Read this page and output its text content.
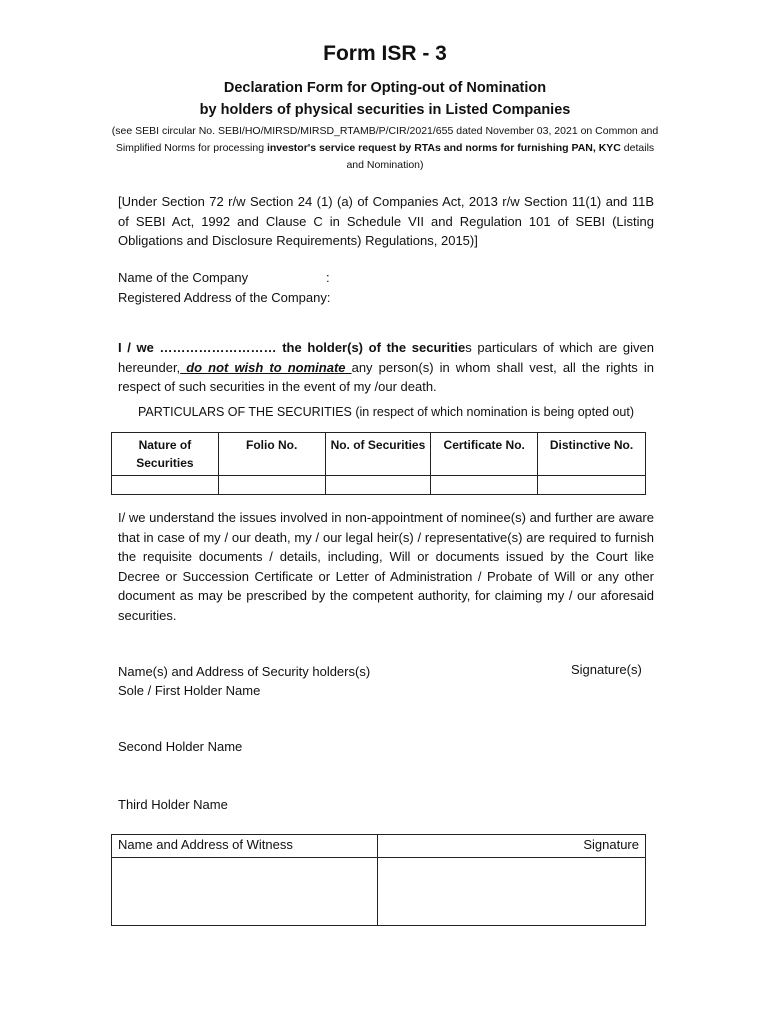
Form ISR - 3
Declaration Form for Opting-out of Nomination
by holders of physical securities in Listed Companies
(see SEBI circular No. SEBI/HO/MIRSD/MIRSD_RTAMB/P/CIR/2021/655 dated November 03, 2021 on Common and Simplified Norms for processing investor's service request by RTAs and norms for furnishing PAN, KYC details and Nomination)
[Under Section 72 r/w Section 24 (1) (a) of Companies Act, 2013 r/w Section 11(1) and 11B of SEBI Act, 1992 and Clause C in Schedule VII and Regulation 101 of SEBI (Listing Obligations and Disclosure Requirements) Regulations, 2015)]
Name of the Company	:
Registered Address of the Company:
I / we ……………………… the holder(s) of the securities particulars of which are given hereunder, do not wish to nominate any person(s) in whom shall vest, all the rights in respect of such securities in the event of my /our death.
PARTICULARS OF THE SECURITIES (in respect of which nomination is being opted out)
Nature of Securities	Folio No.	No. of Securities	Certificate No.	Distinctive No.

I/ we understand the issues involved in non-appointment of nominee(s) and further are aware that in case of my / our death, my / our legal heir(s) / representative(s) are required to furnish the requisite documents / details, including, Will or documents issued by the Court like Decree or Succession Certificate or Letter of Administration / Probate of Will or any other document as may be prescribed by the competent authority, for claiming my / our aforesaid securities.
Name(s) and Address of Security holders(s)
Sole / First Holder Name
Signature(s)
Second Holder Name
Third Holder Name
Name and Address of Witness	Signature
